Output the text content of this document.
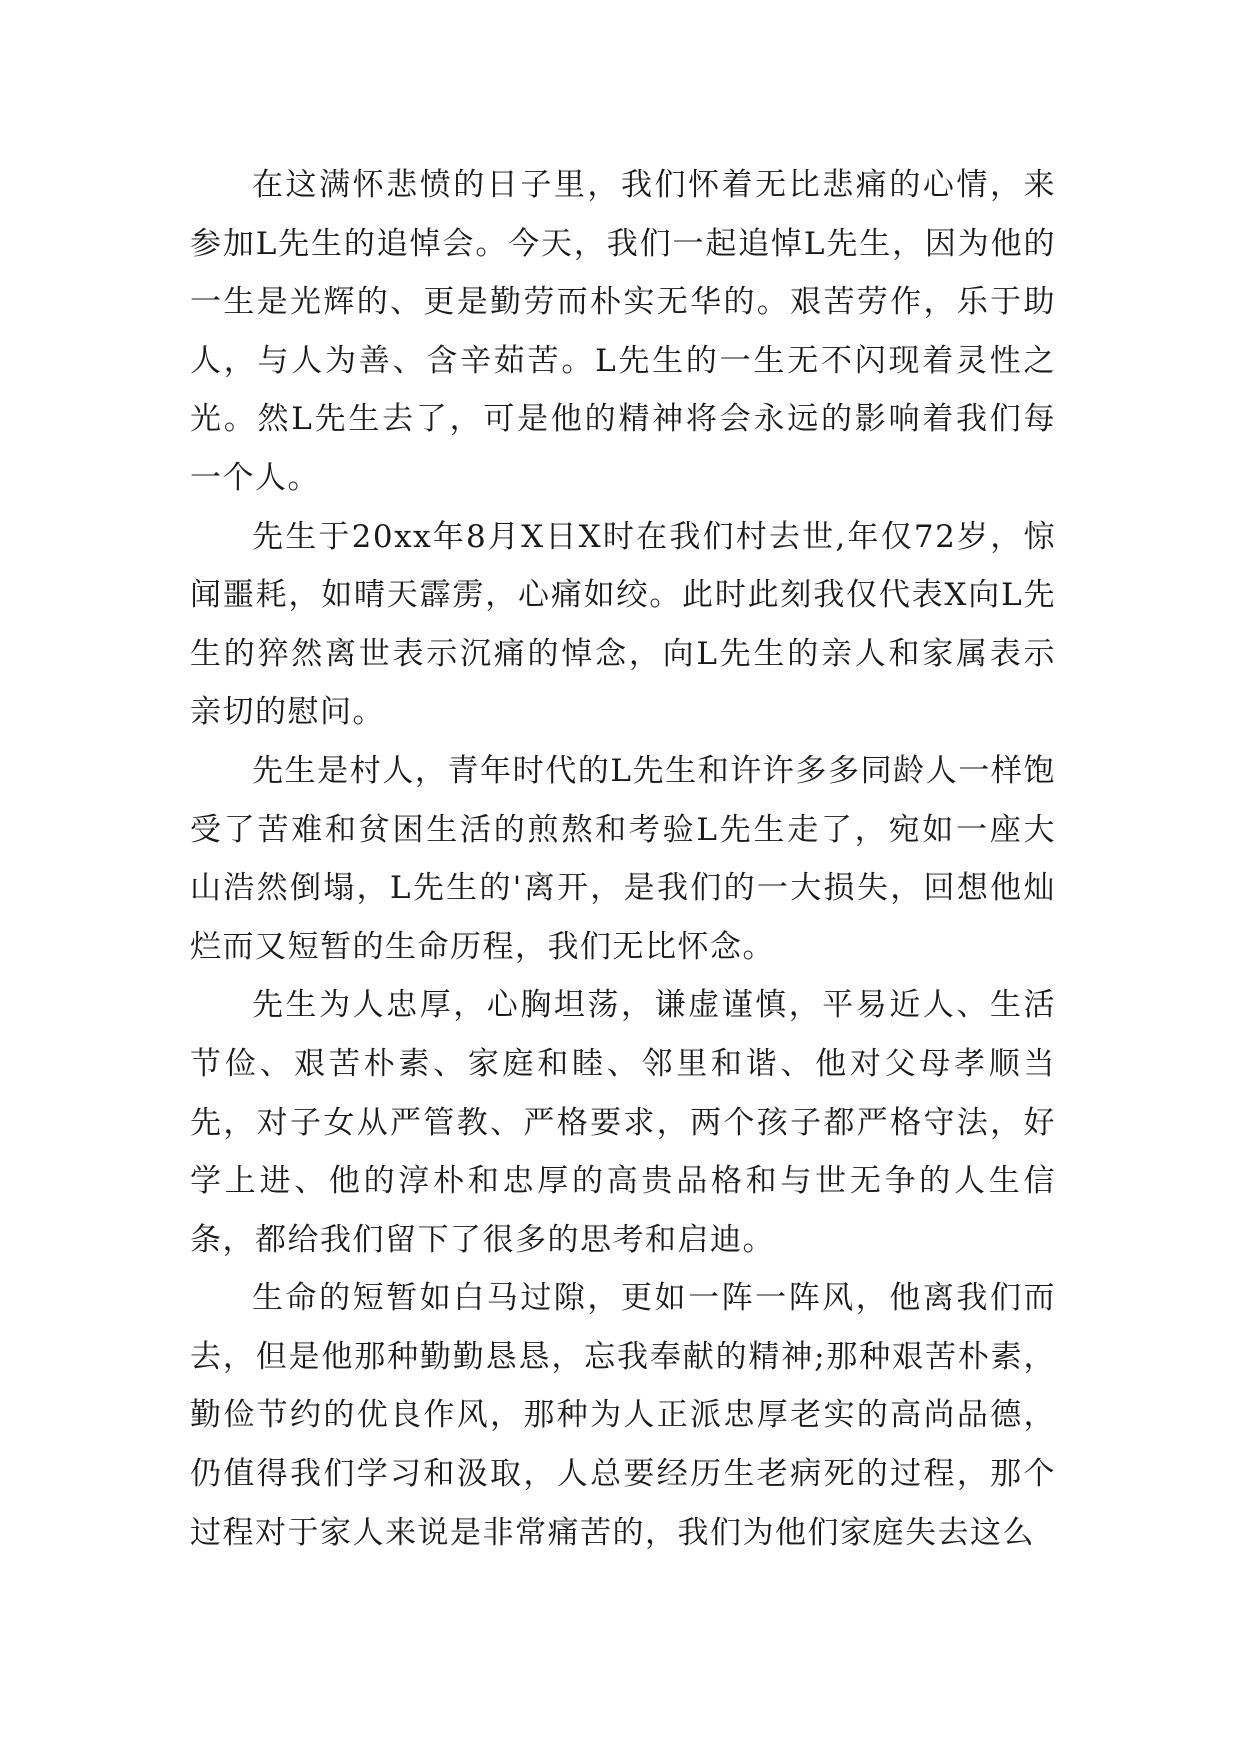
在这满怀悲愤的日子里，我们怀着无比悲痛的心情，来参加L先生的追悼会。今天，我们一起追悼L先生，因为他的一生是光辉的、更是勤劳而朴实无华的。艰苦劳作，乐于助人，与人为善、含辛茹苦。L先生的一生无不闪现着灵性之光。然L先生去了，可是他的精神将会永远的影响着我们每一个人。

先生于20xx年8月X日X时在我们村去世,年仅72岁，惊闻噩耗，如晴天霹雳，心痛如绞。此时此刻我仅代表X向L先生的猝然离世表示沉痛的悼念，向L先生的亲人和家属表示亲切的慰问。

先生是村人，青年时代的L先生和许许多多同龄人一样饱受了苦难和贫困生活的煎熬和考验L先生走了，宛如一座大山浩然倒塌，L先生的'离开，是我们的一大损失，回想他灿烂而又短暂的生命历程，我们无比怀念。

先生为人忠厚，心胸坦荡，谦虚谨慎，平易近人、生活节俭、艰苦朴素、家庭和睦、邻里和谐、他对父母孝顺当先，对子女从严管教、严格要求，两个孩子都严格守法，好学上进、他的淳朴和忠厚的高贵品格和与世无争的人生信条，都给我们留下了很多的思考和启迪。

生命的短暂如白马过隙，更如一阵一阵风，他离我们而去，但是他那种勤勤恳恳，忘我奉献的精神;那种艰苦朴素，勤俭节约的优良作风，那种为人正派忠厚老实的高尚品德，仍值得我们学习和汲取，人总要经历生老病死的过程，那个过程对于家人来说是非常痛苦的，我们为他们家庭失去这么
